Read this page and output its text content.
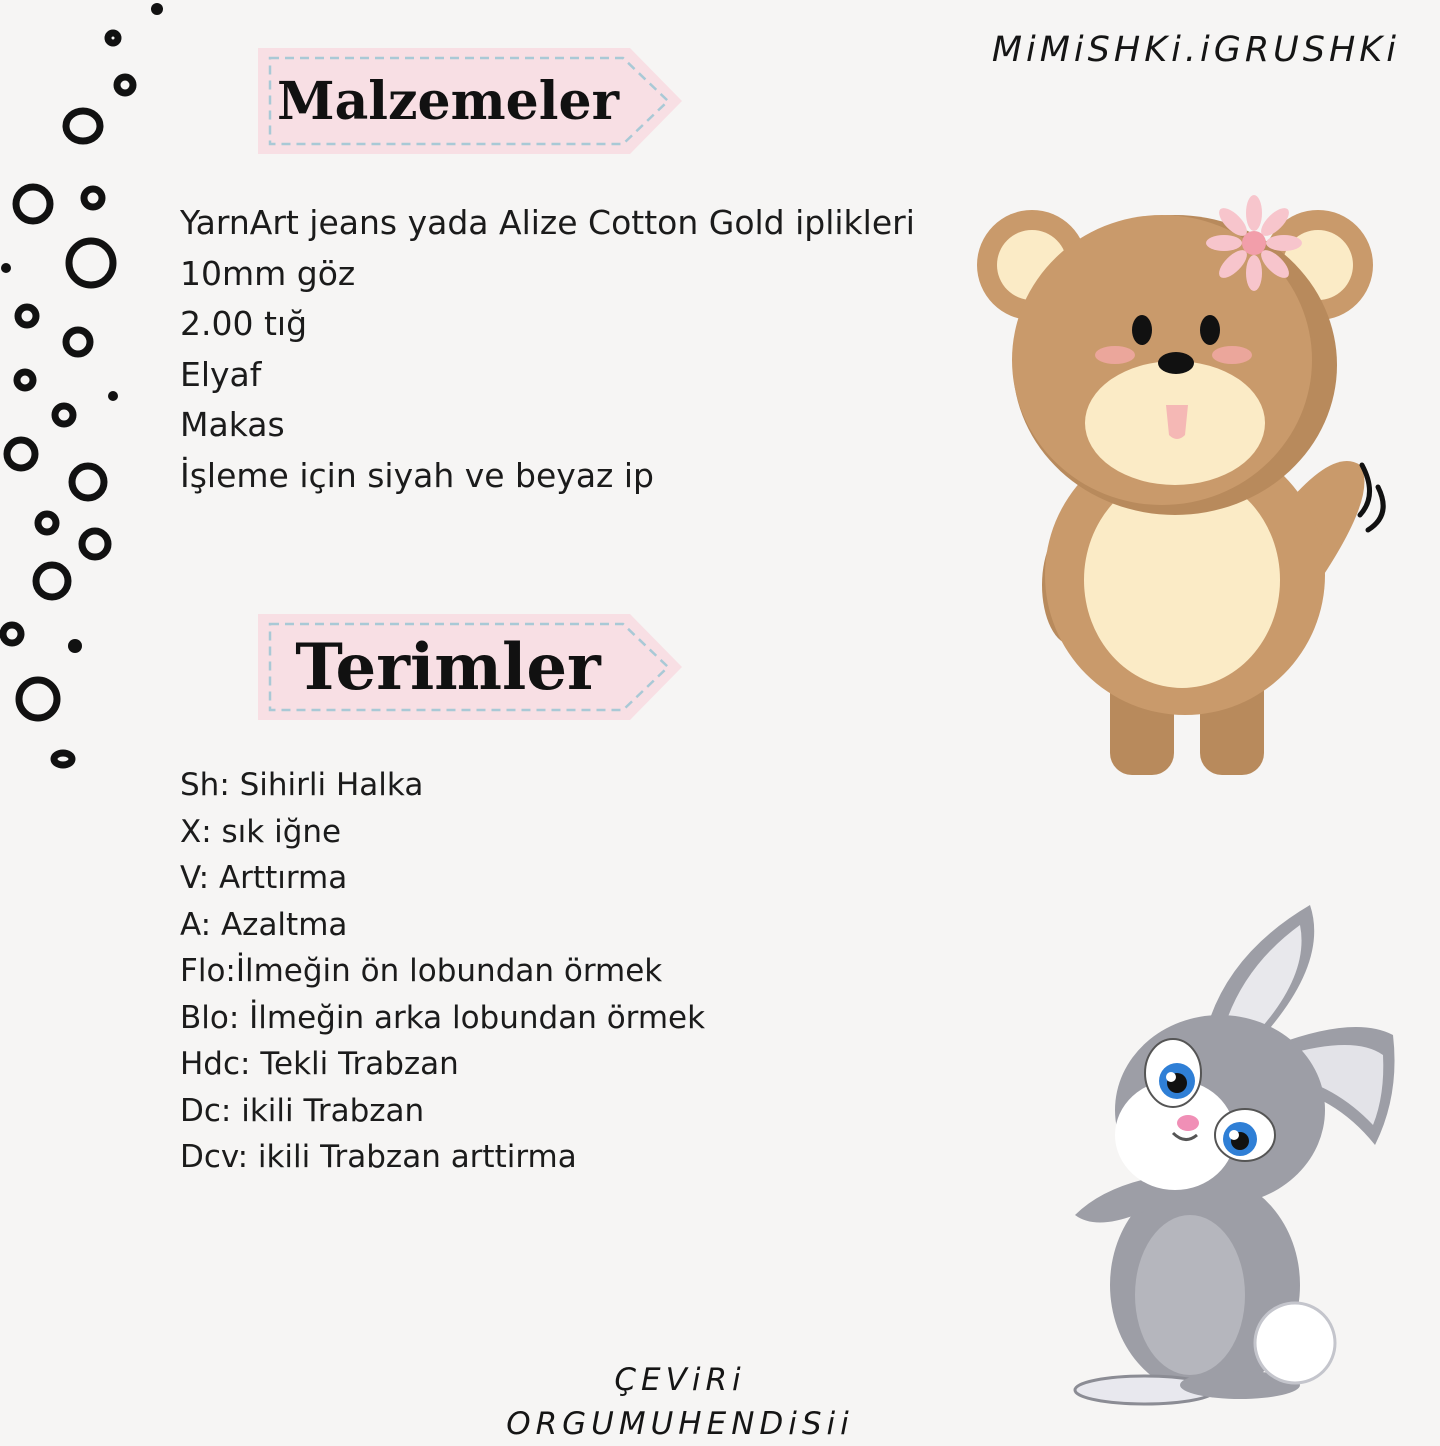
MiMiSHKi.iGRUSHKi
ÇEViRi
ORGUMUHENDiSii
Malzemeler
YarnArt jeans yada Alize Cotton Gold iplikleri
10mm göz
2.00 tığ
Elyaf
Makas
İşleme için siyah ve beyaz ip
Terimler
Sh: Sihirli Halka
X: sık iğne
V: Arttırma
A: Azaltma
Flo:İlmeğin ön lobundan örmek
Blo: İlmeğin arka lobundan örmek
Hdc: Tekli Trabzan
Dc: ikili Trabzan
Dcv: ikili Trabzan arttirma
